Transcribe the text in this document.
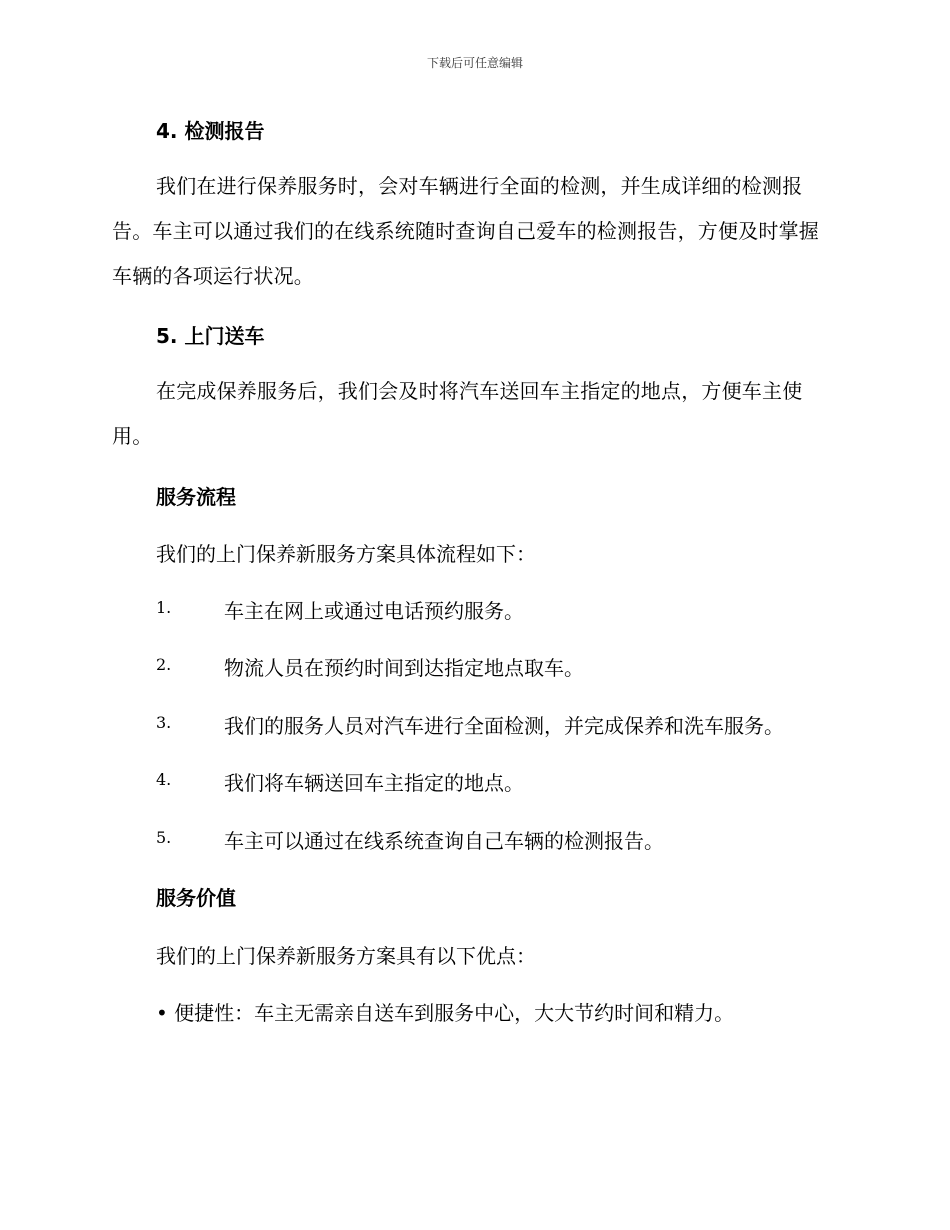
下载后可任意编辑
4. 检测报告
我们在进行保养服务时，会对车辆进行全面的检测，并生成详细的检测报告。车主可以通过我们的在线系统随时查询自己爱车的检测报告，方便及时掌握车辆的各项运行状况。
5. 上门送车
在完成保养服务后，我们会及时将汽车送回车主指定的地点，方便车主使用。
服务流程
我们的上门保养新服务方案具体流程如下：
1.	车主在网上或通过电话预约服务。
2.	物流人员在预约时间到达指定地点取车。
3.	我们的服务人员对汽车进行全面检测，并完成保养和洗车服务。
4.	我们将车辆送回车主指定的地点。
5.	车主可以通过在线系统查询自己车辆的检测报告。
服务价值
我们的上门保养新服务方案具有以下优点：
• 便捷性：车主无需亲自送车到服务中心，大大节约时间和精力。
